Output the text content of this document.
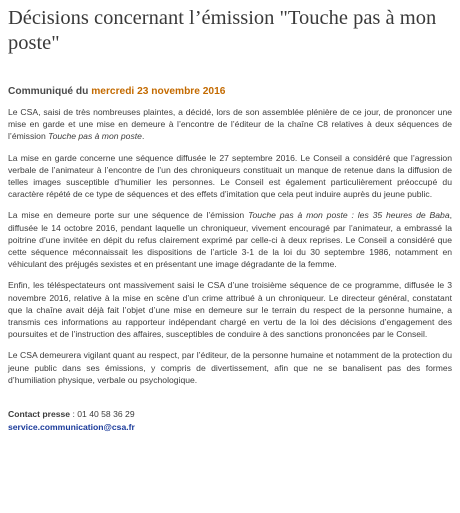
Décisions concernant l’émission "Touche pas à mon poste"
Communiqué du mercredi 23 novembre 2016

Le CSA, saisi de très nombreuses plaintes, a décidé, lors de son assemblée plénière de ce jour, de prononcer une mise en garde et une mise en demeure à l’encontre de l’éditeur de la chaîne C8 relatives à deux séquences de l’émission Touche pas à mon poste.

La mise en garde concerne une séquence diffusée le 27 septembre 2016. Le Conseil a considéré que l’agression verbale de l’animateur à l’encontre de l’un des chroniqueurs constituait un manque de retenue dans la diffusion de telles images susceptible d’humilier les personnes. Le Conseil est également particulièrement préoccupé du caractère répété de ce type de séquences et des effets d’imitation que cela peut induire auprès du jeune public.

La mise en demeure porte sur une séquence de l’émission Touche pas à mon poste : les 35 heures de Baba, diffusée le 14 octobre 2016, pendant laquelle un chroniqueur, vivement encouragé par l’animateur, a embrassé la poitrine d’une invitée en dépit du refus clairement exprimé par celle-ci à deux reprises. Le Conseil a considéré que cette séquence méconnaissait les dispositions de l’article 3-1 de la loi du 30 septembre 1986, notamment en véhiculant des préjugés sexistes et en présentant une image dégradante de la femme.

Enfin, les téléspectateurs ont massivement saisi le CSA d’une troisième séquence de ce programme, diffusée le 3 novembre 2016, relative à la mise en scène d’un crime attribué à un chroniqueur. Le directeur général, constatant que la chaîne avait déjà fait l’objet d’une mise en demeure sur le terrain du respect de la personne humaine, a transmis ces informations au rapporteur indépendant chargé en vertu de la loi des décisions d’engagement des poursuites et de l’instruction des affaires, susceptibles de conduire à des sanctions prononcées par le Conseil.

Le CSA demeurera vigilant quant au respect, par l’éditeur, de la personne humaine et notamment de la protection du jeune public dans ses émissions, y compris de divertissement, afin que ne se banalisent pas des formes d’humiliation physique, verbale ou psychologique.

Contact presse : 01 40 58 36 29
service.communication@csa.fr
